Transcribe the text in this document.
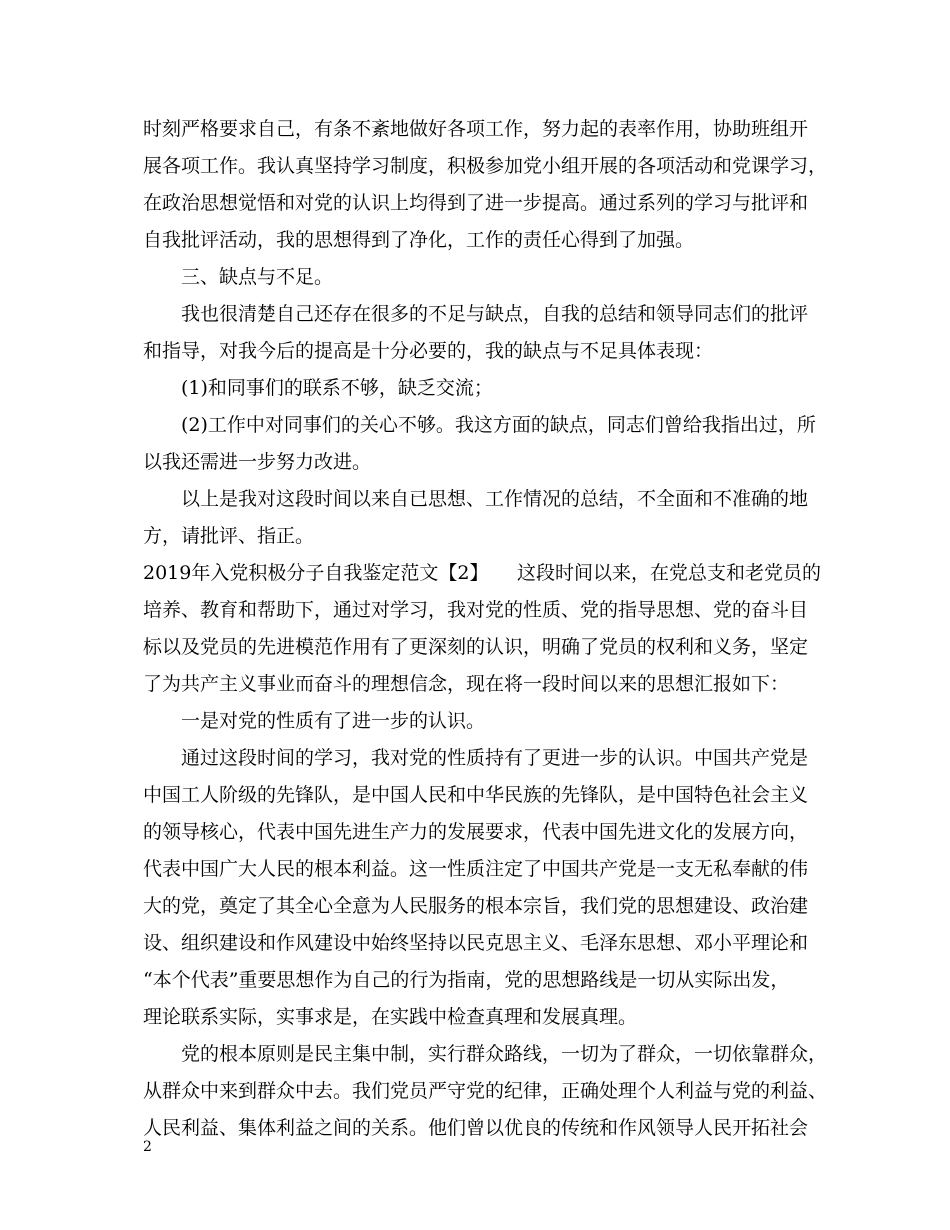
时刻严格要求自己，有条不紊地做好各项工作，努力起的表率作用，协助班组开
展各项工作。我认真坚持学习制度，积极参加党小组开展的各项活动和党课学习，
在政治思想觉悟和对党的认识上均得到了进一步提高。通过系列的学习与批评和
自我批评活动，我的思想得到了净化，工作的责任心得到了加强。
　　三、缺点与不足。
　　我也很清楚自己还存在很多的不足与缺点，自我的总结和领导同志们的批评
和指导，对我今后的提高是十分必要的，我的缺点与不足具体表现：
　　(1)和同事们的联系不够，缺乏交流；
　　(2)工作中对同事们的关心不够。我这方面的缺点，同志们曾给我指出过，所
以我还需进一步努力改进。
　　以上是我对这段时间以来自已思想、工作情况的总结，不全面和不准确的地
方，请批评、指正。
2019年入党积极分子自我鉴定范文【2】　　这段时间以来，在党总支和老党员的
培养、教育和帮助下，通过对学习，我对党的性质、党的指导思想、党的奋斗目
标以及党员的先进模范作用有了更深刻的认识，明确了党员的权利和义务，坚定
了为共产主义事业而奋斗的理想信念，现在将一段时间以来的思想汇报如下：
　　一是对党的性质有了进一步的认识。
　　通过这段时间的学习，我对党的性质持有了更进一步的认识。中国共产党是
中国工人阶级的先锋队，是中国人民和中华民族的先锋队，是中国特色社会主义
的领导核心，代表中国先进生产力的发展要求，代表中国先进文化的发展方向，
代表中国广大人民的根本利益。这一性质注定了中国共产党是一支无私奉献的伟
大的党，奠定了其全心全意为人民服务的根本宗旨，我们党的思想建设、政治建
设、组织建设和作风建设中始终坚持以民克思主义、毛泽东思想、邓小平理论和
“本个代表”重要思想作为自己的行为指南，党的思想路线是一切从实际出发，
理论联系实际，实事求是，在实践中检查真理和发展真理。
　　党的根本原则是民主集中制，实行群众路线，一切为了群众，一切依靠群众，
从群众中来到群众中去。我们党员严守党的纪律，正确处理个人利益与党的利益、
人民利益、集体利益之间的关系。他们曾以优良的传统和作风领导人民开拓社会
2
